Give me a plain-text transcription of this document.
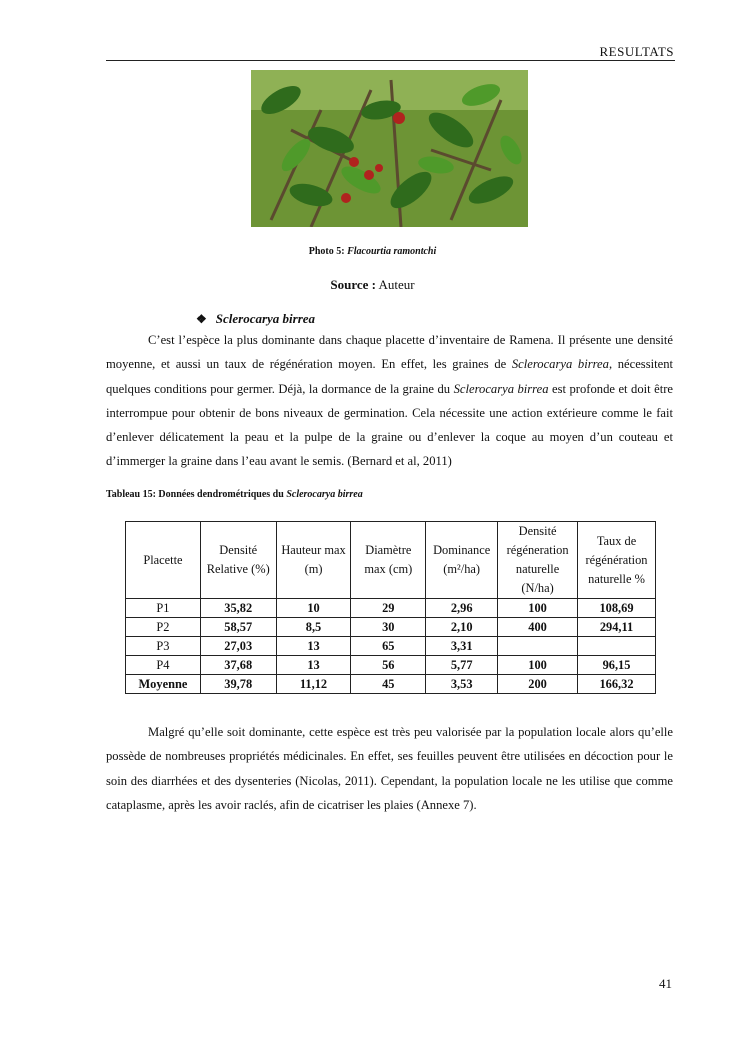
RESULTATS
Photo 5: Flacourtia ramontchi
Source : Auteur
❖ Sclerocarya birrea
C’est l’espèce la plus dominante dans chaque placette d’inventaire de Ramena. Il présente une densité moyenne, et aussi un taux de régénération moyen. En effet, les graines de Sclerocarya birrea, nécessitent quelques conditions pour germer. Déjà, la dormance de la graine du Sclerocarya birrea est profonde et doit être interrompue pour obtenir de bons niveaux de germination. Cela nécessite une action extérieure comme le fait d’enlever délicatement la peau et la pulpe de la graine ou d’enlever la coque au moyen d’un couteau et d’immerger la graine dans l’eau avant le semis. (Bernard et al, 2011)
Tableau 15: Données dendrométriques du Sclerocarya birrea
Placette	Densité Relative (%)	Hauteur max (m)	Diamètre max (cm)	Dominance (m²/ha)	Densité régéneration naturelle (N/ha)	Taux de régénération naturelle %
P1	35,82	10	29	2,96	100	108,69
P2	58,57	8,5	30	2,10	400	294,11
P3	27,03	13	65	3,31		
P4	37,68	13	56	5,77	100	96,15
Moyenne	39,78	11,12	45	3,53	200	166,32
Malgré qu’elle soit dominante, cette espèce est très peu valorisée par la population locale alors qu’elle possède de nombreuses propriétés médicinales. En effet, ses feuilles peuvent être utilisées en décoction pour le soin des diarrhées et des dysenteries (Nicolas, 2011). Cependant, la population locale ne les utilise que comme cataplasme, après les avoir raclés, afin de cicatriser les plaies (Annexe 7).
41
